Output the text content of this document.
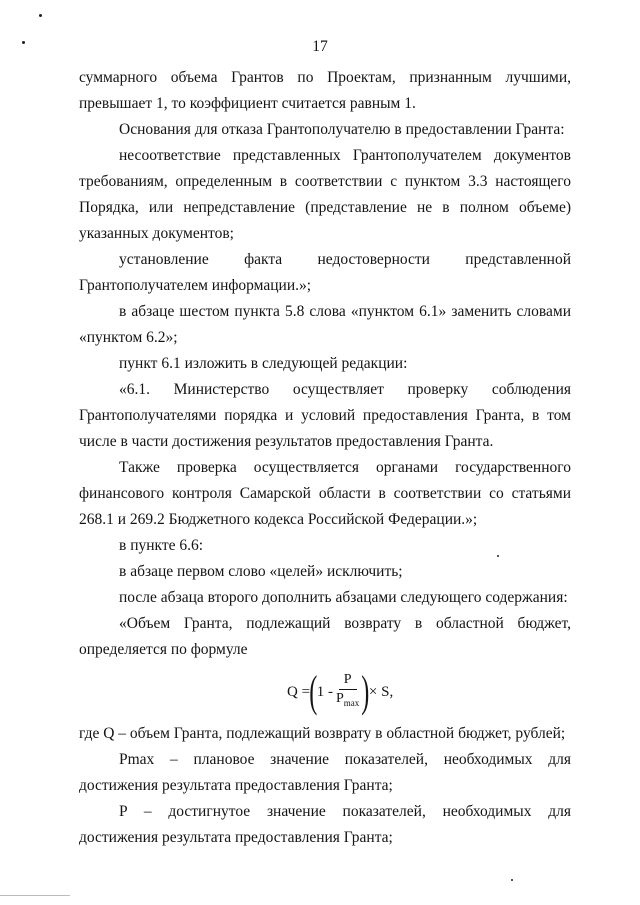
17

суммарного объема Грантов по Проектам, признанным лучшими, превышает 1, то коэффициент считается равным 1.

Основания для отказа Грантополучателю в предоставлении Гранта:

несоответствие представленных Грантополучателем документов требованиям, определенным в соответствии с пунктом 3.3 настоящего Порядка, или непредставление (представление не в полном объеме) указанных документов;

установление факта недостоверности представленной Грантополучателем информации.»;

в абзаце шестом пункта 5.8 слова «пунктом 6.1» заменить словами «пунктом 6.2»;

пункт 6.1 изложить в следующей редакции:

«6.1. Министерство осуществляет проверку соблюдения Грантополучателями порядка и условий предоставления Гранта, в том числе в части достижения результатов предоставления Гранта.

Также проверка осуществляется органами государственного финансового контроля Самарской области в соответствии со статьями 268.1 и 269.2 Бюджетного кодекса Российской Федерации.»;

в пункте 6.6:

в абзаце первом слово «целей» исключить;

после абзаца второго дополнить абзацами следующего содержания:

«Объем Гранта, подлежащий возврату в областной бюджет, определяется по формуле

Q = ( $1 - \frac{P}{P_{max}}$ ) × S,

где Q – объем Гранта, подлежащий возврату в областной бюджет, рублей;

Pmax – плановое значение показателей, необходимых для достижения результата предоставления Гранта;

P – достигнутое значение показателей, необходимых для достижения результата предоставления Гранта;
